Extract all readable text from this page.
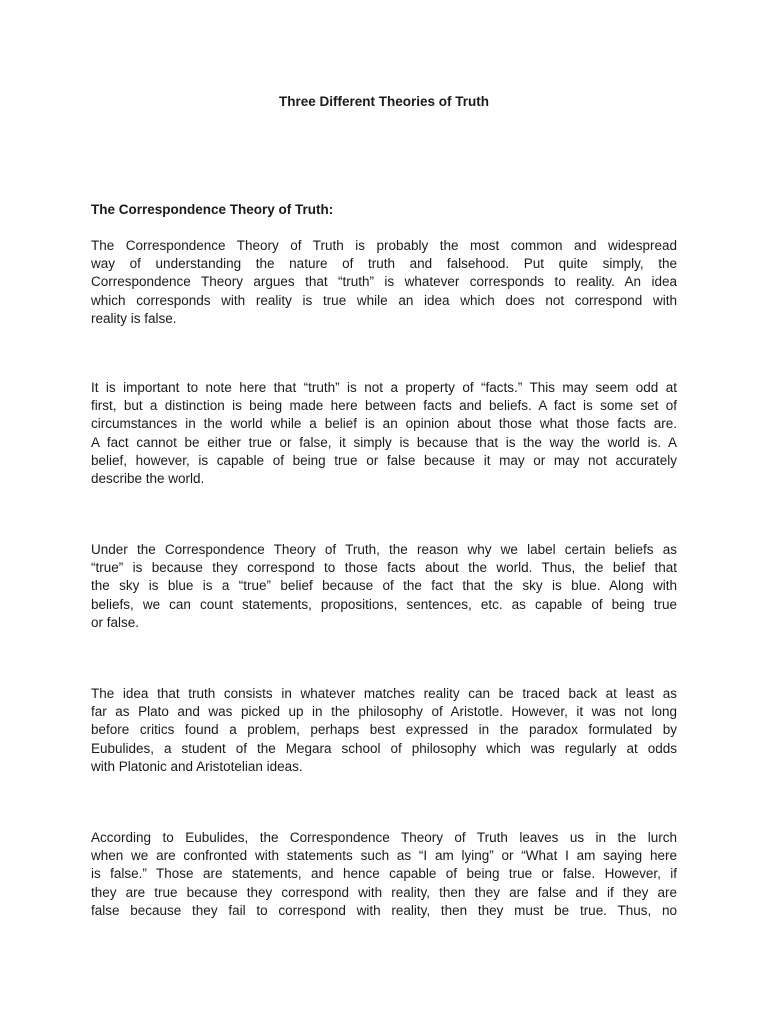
Three Different Theories of Truth
The Correspondence Theory of Truth:
The Correspondence Theory of Truth is probably the most common and widespread
way of understanding the nature of truth and falsehood. Put quite simply, the
Correspondence Theory argues that “truth” is whatever corresponds to reality. An idea
which corresponds with reality is true while an idea which does not correspond with
reality is false.
It is important to note here that “truth” is not a property of “facts.” This may seem odd at
first, but a distinction is being made here between facts and beliefs. A fact is some set of
circumstances in the world while a belief is an opinion about those what those facts are.
A fact cannot be either true or false, it simply is because that is the way the world is. A
belief, however, is capable of being true or false because it may or may not accurately
describe the world.
Under the Correspondence Theory of Truth, the reason why we label certain beliefs as
“true” is because they correspond to those facts about the world. Thus, the belief that
the sky is blue is a “true” belief because of the fact that the sky is blue. Along with
beliefs, we can count statements, propositions, sentences, etc. as capable of being true
or false.
The idea that truth consists in whatever matches reality can be traced back at least as
far as Plato and was picked up in the philosophy of Aristotle. However, it was not long
before critics found a problem, perhaps best expressed in the paradox formulated by
Eubulides, a student of the Megara school of philosophy which was regularly at odds
with Platonic and Aristotelian ideas.
According to Eubulides, the Correspondence Theory of Truth leaves us in the lurch
when we are confronted with statements such as “I am lying” or “What I am saying here
is false.” Those are statements, and hence capable of being true or false. However, if
they are true because they correspond with reality, then they are false and if they are
false because they fail to correspond with reality, then they must be true. Thus, no
